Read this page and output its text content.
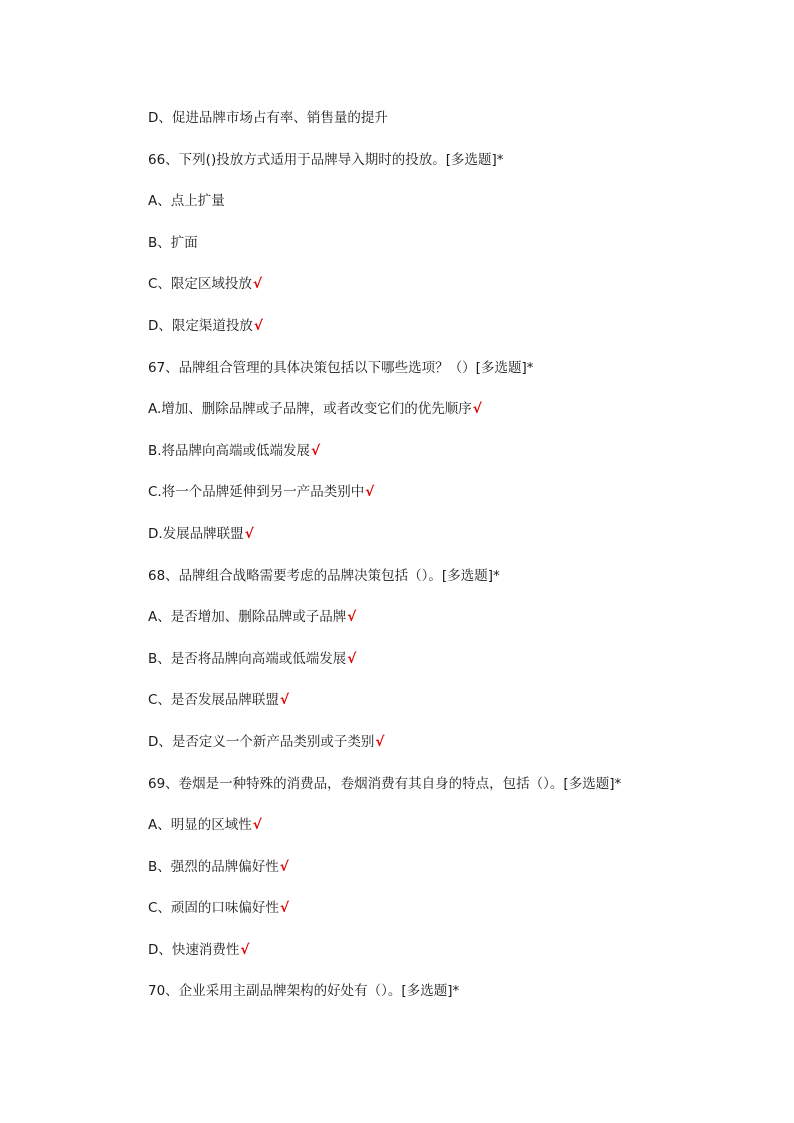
D、促进品牌市场占有率、销售量的提升
66、下列()投放方式适用于品牌导入期时的投放。[多选题]*
A、点上扩量
B、扩面
C、限定区域投放√
D、限定渠道投放√
67、品牌组合管理的具体决策包括以下哪些选项？（）[多选题]*
A.增加、删除品牌或子品牌，或者改变它们的优先顺序√
B.将品牌向高端或低端发展√
C.将一个品牌延伸到另一产品类别中√
D.发展品牌联盟√
68、品牌组合战略需要考虑的品牌决策包括（）。[多选题]*
A、是否增加、删除品牌或子品牌√
B、是否将品牌向高端或低端发展√
C、是否发展品牌联盟√
D、是否定义一个新产品类别或子类别√
69、卷烟是一种特殊的消费品，卷烟消费有其自身的特点，包括（）。[多选题]*
A、明显的区域性√
B、强烈的品牌偏好性√
C、顽固的口味偏好性√
D、快速消费性√
70、企业采用主副品牌架构的好处有（）。[多选题]*
